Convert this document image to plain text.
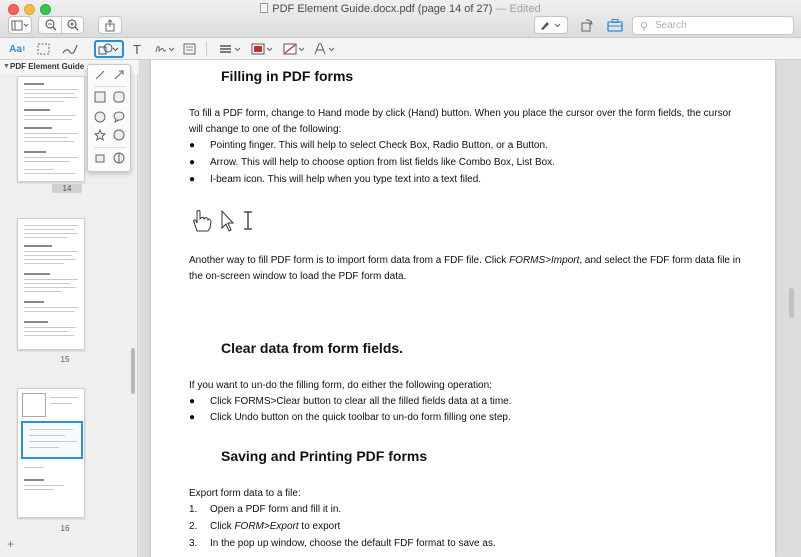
PDF Element Guide.docx.pdf (page 14 of 27) — Edited
⚲ Search
Aa I	T
▼ PDF Element Guide
14
15
16
+
Filling in PDF forms
To fill a PDF form, change to Hand mode by click (Hand) button. When you place the cursor over the form fields, the cursor
will change to one of the following:
●	Pointing finger. This will help to select Check Box, Radio Button, or a Button.
●	Arrow. This will help to choose option from list fields like Combo Box, List Box.
●	I-beam icon. This will help when you type text into a text filed.
Another way to fill PDF form is to import form data from a FDF file. Click FORMS>Import, and select the FDF form data file in
the on-screen window to load the PDF form data.
Clear data from form fields.
If you want to un-do the filling form, do either the following operation:
●	Click FORMS>Clear button to clear all the filled fields data at a time.
●	Click Undo button on the quick toolbar to un-do form filling one step.
Saving and Printing PDF forms
Export form data to a file:
1.	Open a PDF form and fill it in.
2.	Click FORM>Export to export
3.	In the pop up window, choose the default FDF format to save as.
